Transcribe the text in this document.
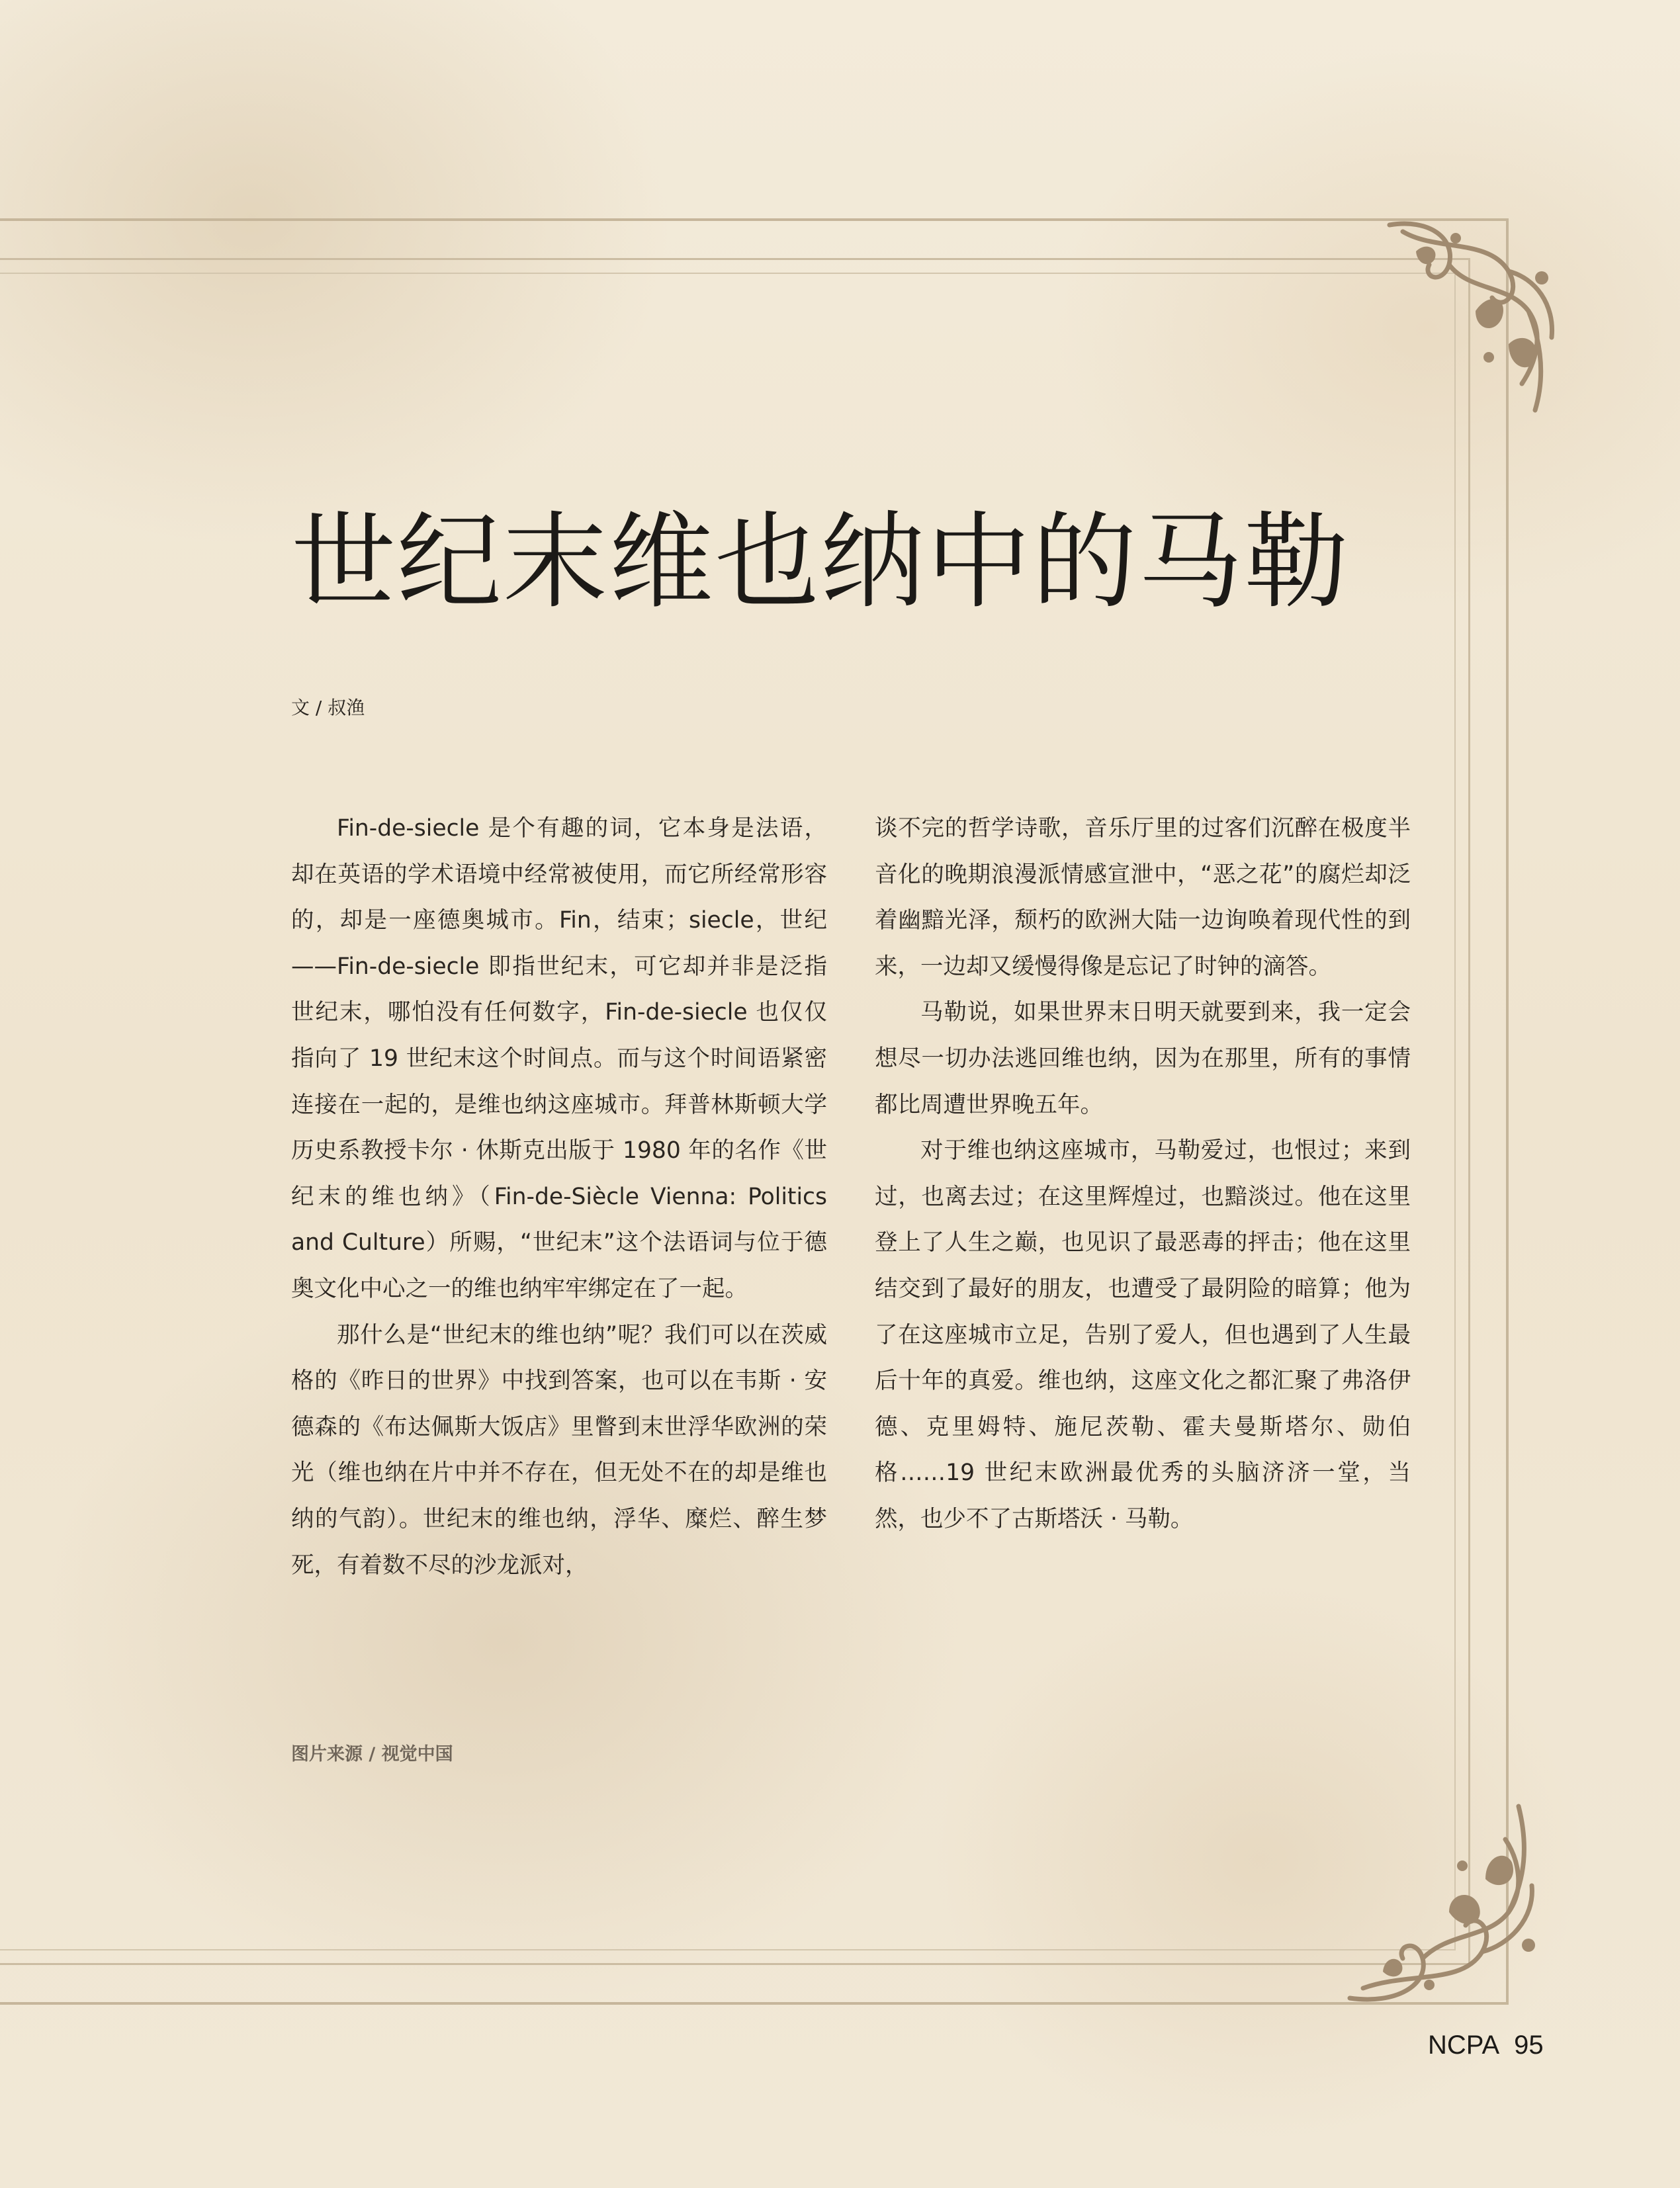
世纪末维也纳中的马勒
文 / 叔渔

Fin-de-siecle 是个有趣的词，它本身是法语，却在英语的学术语境中经常被使用，而它所经常形容的，却是一座德奥城市。Fin，结束；siecle，世纪 ——Fin-de-siecle 即指世纪末，可它却并非是泛指世纪末，哪怕没有任何数字，Fin-de-siecle 也仅仅指向了 19 世纪末这个时间点。而与这个时间语紧密连接在一起的，是维也纳这座城市。拜普林斯顿大学历史系教授卡尔 · 休斯克出版于 1980 年的名作《世纪末的维也纳》（Fin-de-Siècle Vienna: Politics and Culture）所赐，“世纪末”这个法语词与位于德奥文化中心之一的维也纳牢牢绑定在了一起。

那什么是“世纪末的维也纳”呢？我们可以在茨威格的《昨日的世界》中找到答案，也可以在韦斯 · 安德森的《布达佩斯大饭店》里瞥到末世浮华欧洲的荣光（维也纳在片中并不存在，但无处不在的却是维也纳的气韵）。世纪末的维也纳，浮华、糜烂、醉生梦死，有着数不尽的沙龙派对，

谈不完的哲学诗歌，音乐厅里的过客们沉醉在极度半音化的晚期浪漫派情感宣泄中，“恶之花”的腐烂却泛着幽黯光泽，颓朽的欧洲大陆一边询唤着现代性的到来，一边却又缓慢得像是忘记了时钟的滴答。

马勒说，如果世界末日明天就要到来，我一定会想尽一切办法逃回维也纳，因为在那里，所有的事情都比周遭世界晚五年。

对于维也纳这座城市，马勒爱过，也恨过；来到过，也离去过；在这里辉煌过，也黯淡过。他在这里登上了人生之巅，也见识了最恶毒的抨击；他在这里结交到了最好的朋友，也遭受了最阴险的暗算；他为了在这座城市立足，告别了爱人，但也遇到了人生最后十年的真爱。维也纳，这座文化之都汇聚了弗洛伊德、克里姆特、施尼茨勒、霍夫曼斯塔尔、勋伯格……19 世纪末欧洲最优秀的头脑济济一堂，当然，也少不了古斯塔沃 · 马勒。

图片来源 / 视觉中国
NCPA 95
